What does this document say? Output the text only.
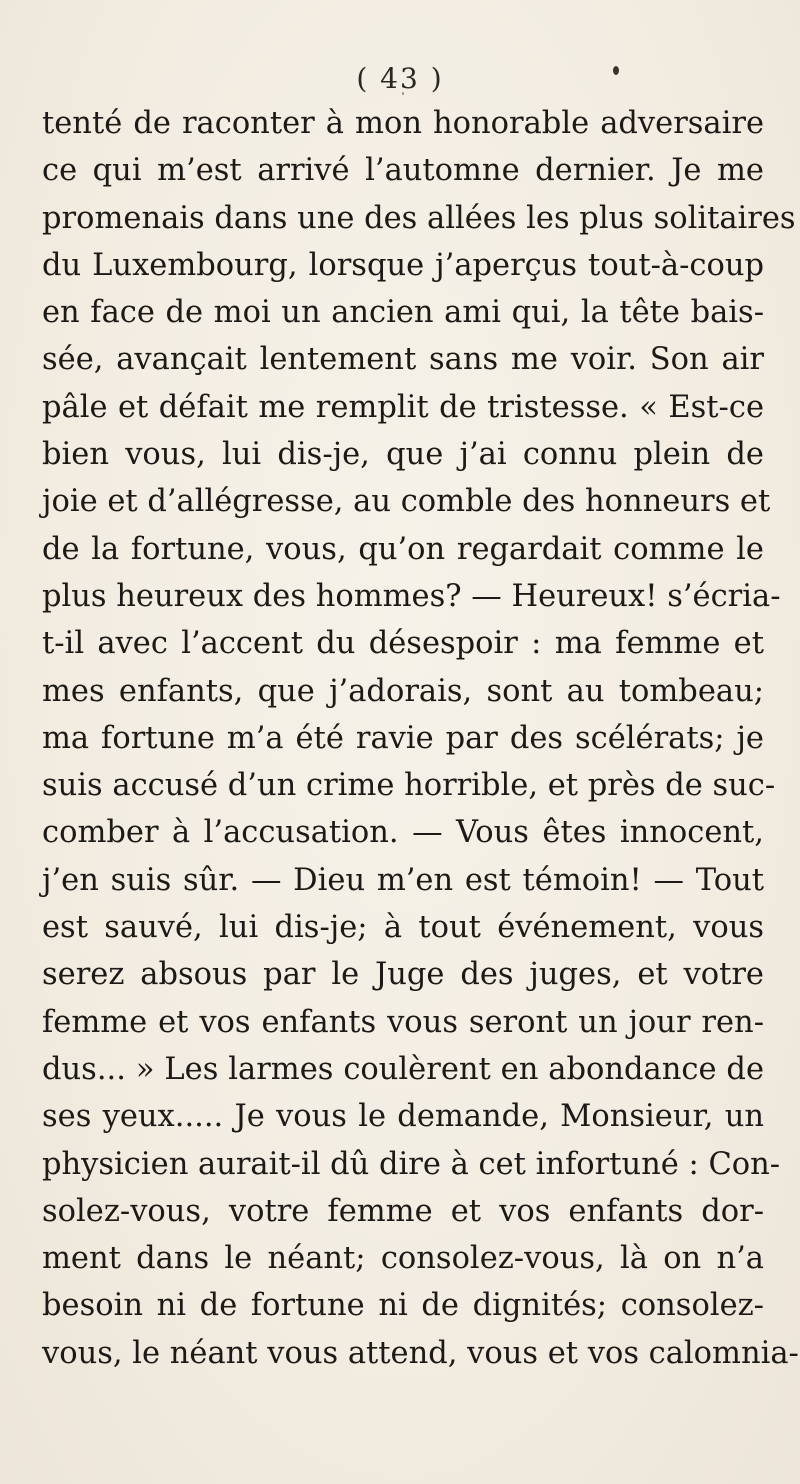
( 43 )
tenté de raconter à mon honorable adversaire
ce qui m’est arrivé l’automne dernier. Je me
promenais dans une des allées les plus solitaires
du Luxembourg, lorsque j’aperçus tout-à-coup
en face de moi un ancien ami qui, la tête bais-
sée, avançait lentement sans me voir. Son air
pâle et défait me remplit de tristesse. « Est-ce
bien vous, lui dis-je, que j’ai connu plein de
joie et d’allégresse, au comble des honneurs et
de la fortune, vous, qu’on regardait comme le
plus heureux des hommes? — Heureux! s’écria-
t-il avec l’accent du désespoir : ma femme et
mes enfants, que j’adorais, sont au tombeau;
ma fortune m’a été ravie par des scélérats; je
suis accusé d’un crime horrible, et près de suc-
comber à l’accusation. — Vous êtes innocent,
j’en suis sûr. — Dieu m’en est témoin! — Tout
est sauvé, lui dis-je; à tout événement, vous
serez absous par le Juge des juges, et votre
femme et vos enfants vous seront un jour ren-
dus... » Les larmes coulèrent en abondance de
ses yeux..... Je vous le demande, Monsieur, un
physicien aurait-il dû dire à cet infortuné : Con-
solez-vous, votre femme et vos enfants dor-
ment dans le néant; consolez-vous, là on n’a
besoin ni de fortune ni de dignités; consolez-
vous, le néant vous attend, vous et vos calomnia-
